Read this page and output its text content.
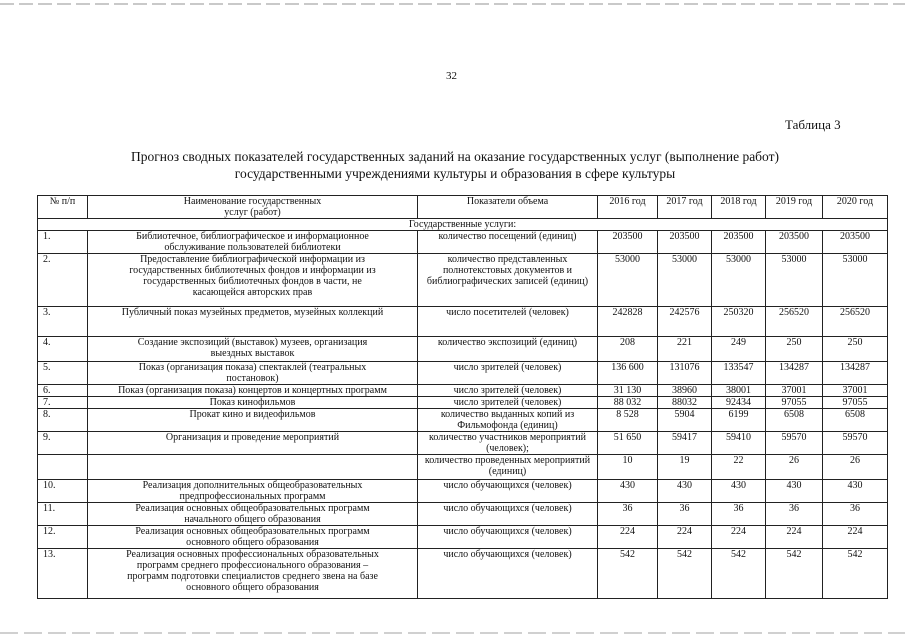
32
Таблица 3
Прогноз сводных показателей государственных заданий на оказание государственных услуг (выполнение работ)
государственными учреждениями культуры и образования в сфере культуры
№ п/п	Наименование государственных услуг (работ)	Показатели объема	2016 год	2017 год	2018 год	2019 год	2020 год
Государственные услуги:							
1.	Библиотечное, библиографическое и информационное обслуживание пользователей библиотеки	количество посещений (единиц)	203500	203500	203500	203500	203500
2.	Предоставление библиографической информации из государственных библиотечных фондов и информации из государственных библиотечных фондов в части, не касающейся авторских прав	количество представленных полнотекстовых документов и библиографических записей (единиц)	53000	53000	53000	53000	53000
3.	Публичный показ музейных предметов, музейных коллекций	число посетителей (человек)	242828	242576	250320	256520	256520
4.	Создание экспозиций (выставок) музеев, организация выездных выставок	количество экспозиций (единиц)	208	221	249	250	250
5.	Показ (организация показа) спектаклей (театральных постановок)	число зрителей (человек)	136 600	131076	133547	134287	134287
6.	Показ (организация показа) концертов и концертных программ	число зрителей (человек)	31 130	38960	38001	37001	37001
7.	Показ кинофильмов	число зрителей (человек)	88 032	88032	92434	97055	97055
8.	Прокат кино и видеофильмов	количество выданных копий из Фильмофонда (единиц)	8 528	5904	6199	6508	6508
9.	Организация и проведение мероприятий	количество участников мероприятий (человек);	51 650	59417	59410	59570	59570
		количество проведенных мероприятий (единиц)	10	19	22	26	26
10.	Реализация дополнительных общеобразовательных предпрофессиональных программ	число обучающихся (человек)	430	430	430	430	430
11.	Реализация основных общеобразовательных программ начального общего образования	число обучающихся (человек)	36	36	36	36	36
12.	Реализация основных общеобразовательных программ основного общего образования	число обучающихся (человек)	224	224	224	224	224
13.	Реализация основных профессиональных образовательных программ среднего профессионального образования – программ подготовки специалистов среднего звена на базе основного общего образования	число обучающихся (человек)	542	542	542	542	542
